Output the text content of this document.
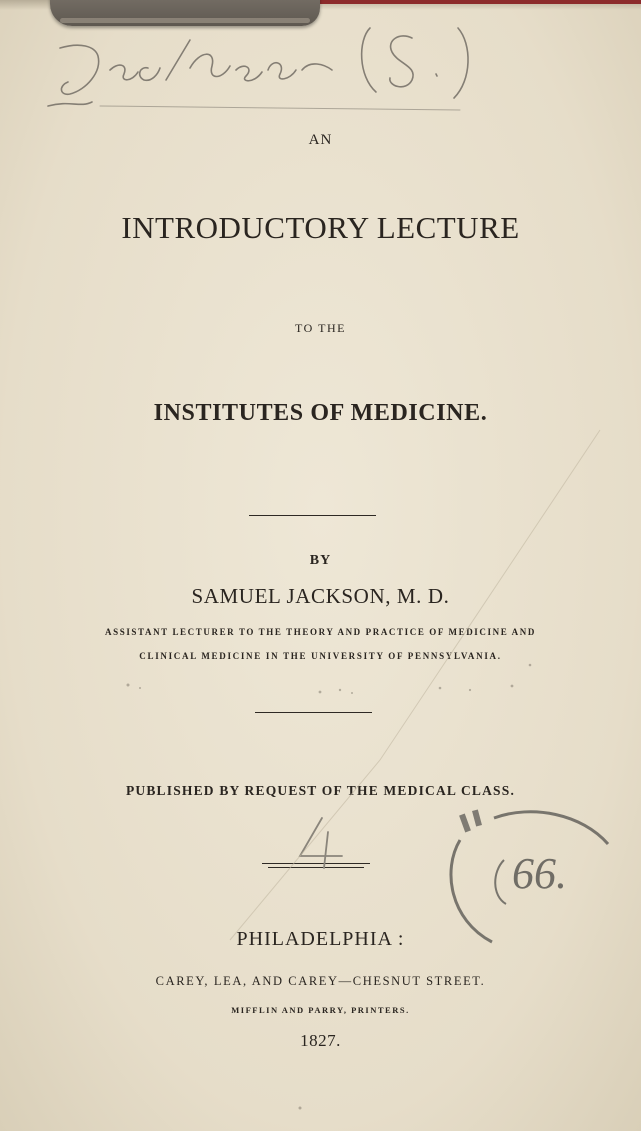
AN
INTRODUCTORY LECTURE
TO THE
INSTITUTES OF MEDICINE.
BY
SAMUEL JACKSON, M. D.
ASSISTANT LECTURER TO THE THEORY AND PRACTICE OF MEDICINE AND
CLINICAL MEDICINE IN THE UNIVERSITY OF PENNSYLVANIA.
PUBLISHED BY REQUEST OF THE MEDICAL CLASS.
66.
PHILADELPHIA :
CAREY, LEA, AND CAREY—CHESNUT STREET.
MIFFLIN AND PARRY, PRINTERS.
1827.
